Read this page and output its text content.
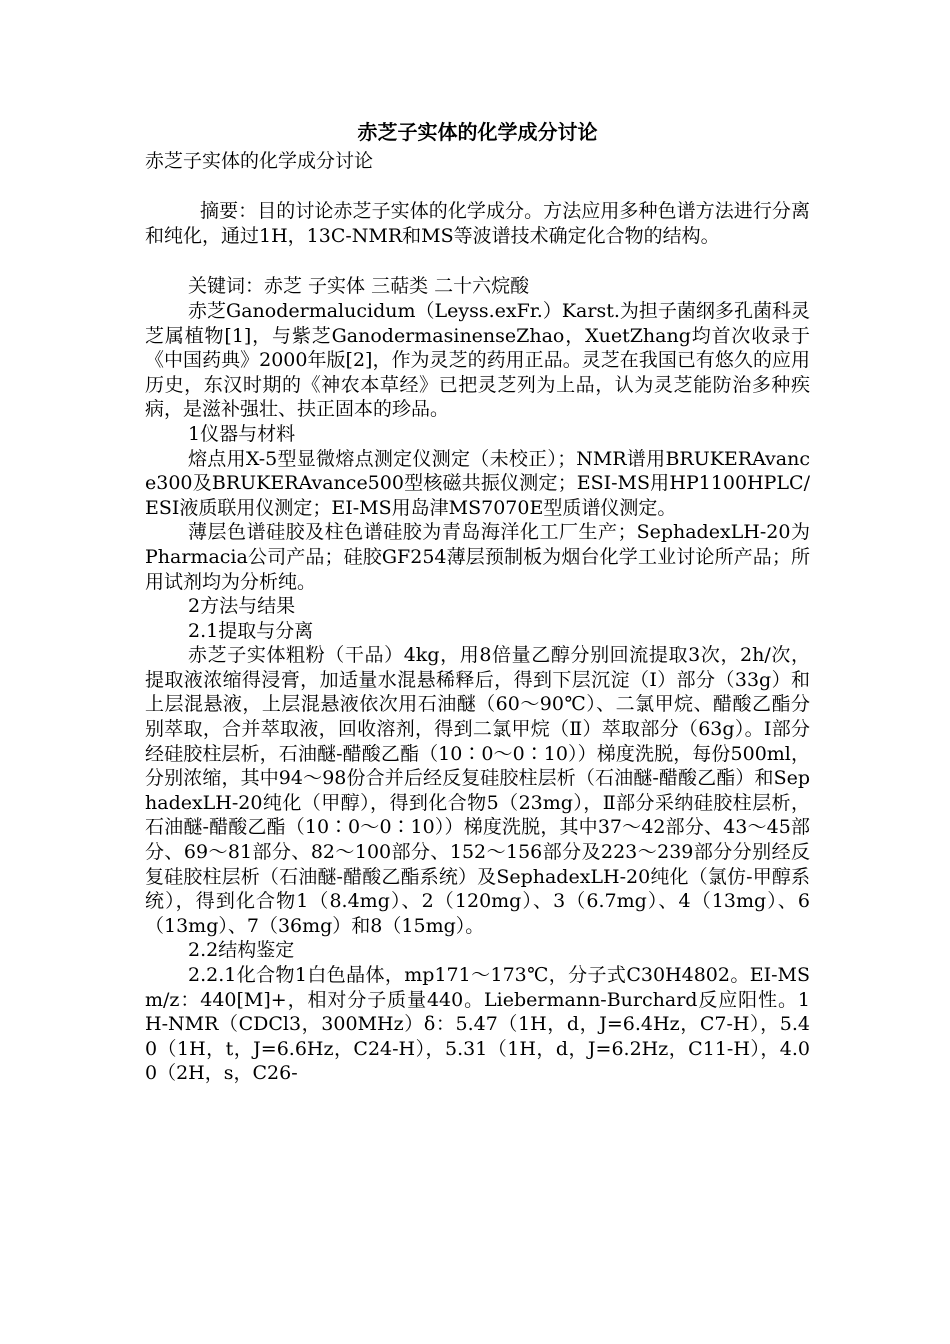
赤芝子实体的化学成分讨论
赤芝子实体的化学成分讨论

摘要：目的讨论赤芝子实体的化学成分。方法应用多种色谱方法进行分离和纯化，通过1H，13C-NMR和MS等波谱技术确定化合物的结构。

关键词：赤芝 子实体 三萜类 二十六烷酸

赤芝Ganodermalucidum（Leyss.exFr.）Karst.为担子菌纲多孔菌科灵芝属植物[1]，与紫芝GanodermasinenseZhao，XuetZhang均首次收录于《中国药典》2000年版[2]，作为灵芝的药用正品。灵芝在我国已有悠久的应用历史，东汉时期的《神农本草经》已把灵芝列为上品，认为灵芝能防治多种疾病，是滋补强壮、扶正固本的珍品。

1仪器与材料

熔点用X-5型显微熔点测定仪测定（未校正）；NMR谱用BRUKERAvance300及BRUKERAvance500型核磁共振仪测定；ESI-MS用HP1100HPLC/ESI液质联用仪测定；EI-MS用岛津MS7070E型质谱仪测定。

薄层色谱硅胶及柱色谱硅胶为青岛海洋化工厂生产；SephadexLH-20为Pharmacia公司产品；硅胶GF254薄层预制板为烟台化学工业讨论所产品；所用试剂均为分析纯。

2方法与结果

2.1提取与分离

赤芝子实体粗粉（干品）4kg，用8倍量乙醇分别回流提取3次，2h/次，提取液浓缩得浸膏，加适量水混悬稀释后，得到下层沉淀（Ⅰ）部分（33g）和上层混悬液，上层混悬液依次用石油醚（60～90℃）、二氯甲烷、醋酸乙酯分别萃取，合并萃取液，回收溶剂，得到二氯甲烷（Ⅱ）萃取部分（63g）。Ⅰ部分经硅胶柱层析，石油醚-醋酸乙酯（10∶0～0∶10））梯度洗脱，每份500ml，分别浓缩，其中94～98份合并后经反复硅胶柱层析（石油醚-醋酸乙酯）和SephadexLH-20纯化（甲醇），得到化合物5（23mg），Ⅱ部分采纳硅胶柱层析，石油醚-醋酸乙酯（10∶0～0∶10））梯度洗脱，其中37～42部分、43～45部分、69～81部分、82～100部分、152～156部分及223～239部分分别经反复硅胶柱层析（石油醚-醋酸乙酯系统）及SephadexLH-20纯化（氯仿-甲醇系统），得到化合物1（8.4mg）、2（120mg）、3（6.7mg）、4（13mg）、6（13mg）、7（36mg）和8（15mg）。

2.2结构鉴定

2.2.1化合物1白色晶体，mp171～173℃，分子式C30H4802。EI-MSm/z：440[M]+，相对分子质量440。Liebermann-Burchard反应阳性。1H-NMR（CDCl3，300MHz）δ：5.47（1H，d，J=6.4Hz，C7-H），5.40（1H，t，J=6.6Hz，C24-H），5.31（1H，d，J=6.2Hz，C11-H），4.00（2H，s，C26-
